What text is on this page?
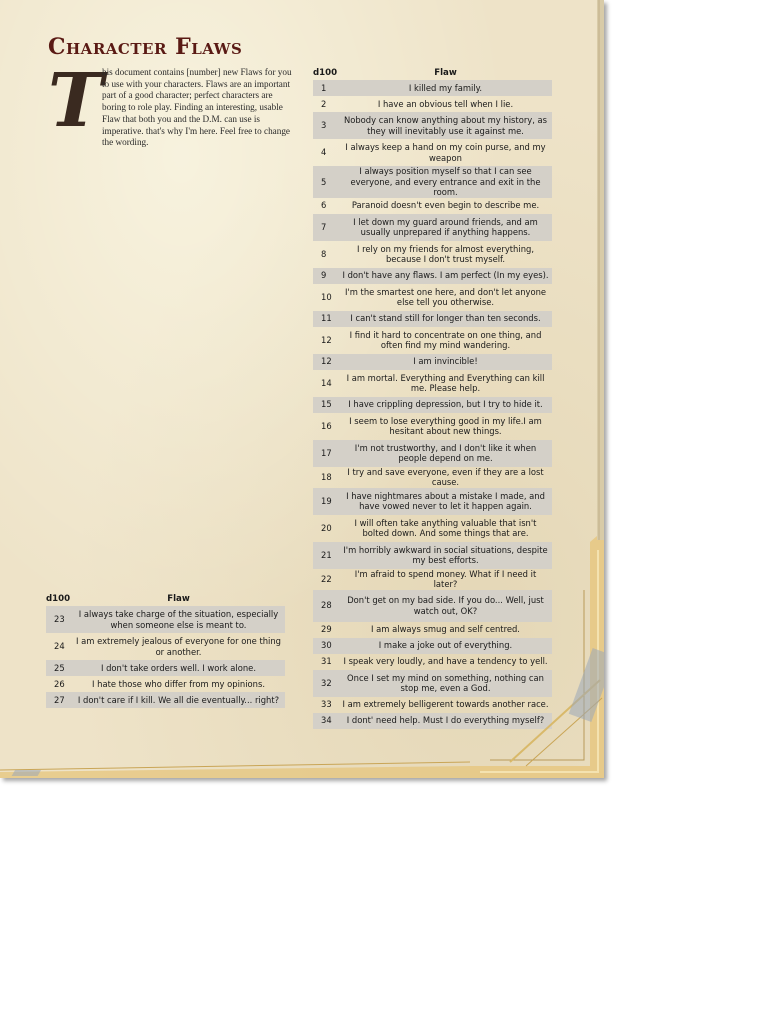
Character Flaws
T

his document contains [number] new Flaws for you to use with your characters. Flaws are an important part of a good character; perfect characters are boring to role play. Finding an interesting, usable Flaw that both you and the D.M. can use is imperative. that's why I'm here. Feel free to change the wording.

d100	Flaw
1	I killed my family.
2	I have an obvious tell when I lie.
3	Nobody can know anything about my history, as they will inevitably use it against me.
4	I always keep a hand on my coin purse, and my weapon
5	I always position myself so that I can see everyone, and every entrance and exit in the room.
6	Paranoid doesn't even begin to describe me.
7	I let down my guard around friends, and am usually unprepared if anything happens.
8	I rely on my friends for almost everything, because I don't trust myself.
9	I don't have any flaws. I am perfect (In my eyes).
10	I'm the smartest one here, and don't let anyone else tell you otherwise.
11	I can't stand still for longer than ten seconds.
12	I find it hard to concentrate on one thing, and often find my mind wandering.
12	I am invincible!
14	I am mortal. Everything and Everything can kill me. Please help.
15	I have crippling depression, but I try to hide it.
16	I seem to lose everything good in my life.I am hesitant about new things.
17	I'm not trustworthy, and I don't like it when people depend on me.
18	I try and save everyone, even if they are a lost cause.
19	I have nightmares about a mistake I made, and have vowed never to let it happen again.
20	I will often take anything valuable that isn't bolted down. And some things that are.
21	I'm horribly awkward in social situations, despite my best efforts.
22	I'm afraid to spend money. What if I need it later?
28	Don't get on my bad side. If you do... Well, just watch out, OK?
29	I am always smug and self centred.
30	I make a joke out of everything.
31	I speak very loudly, and have a tendency to yell.
32	Once I set my mind on something, nothing can stop me, even a God.
33	I am extremely belligerent towards another race.
34	I dont' need help. Must I do everything myself?
d100	Flaw
23	I always take charge of the situation, especially when someone else is meant to.
24	I am extremely jealous of everyone for one thing or another.
25	I don't take orders well. I work alone.
26	I hate those who differ from my opinions.
27	I don't care if I kill. We all die eventually... right?
